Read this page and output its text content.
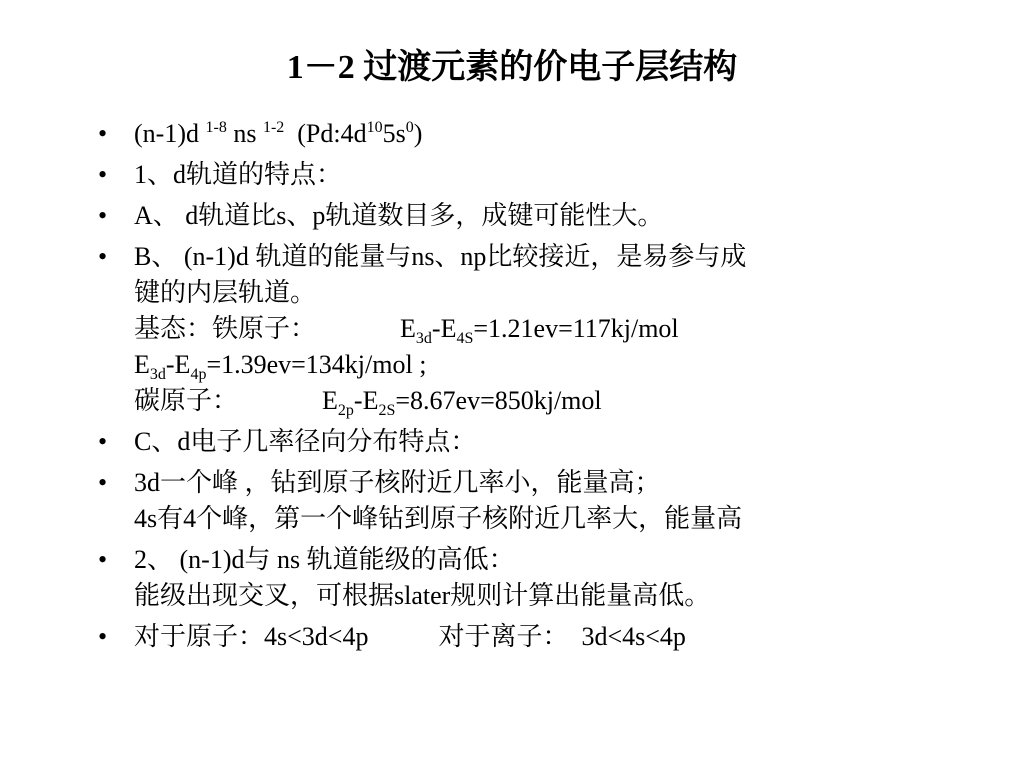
1－2 过渡元素的价电子层结构
•	(n-1)d $^{1-8}$ ns $^{1-2}$  $(Pd:4d^{10}5s^0)$
•	1、d轨道的特点：
•	A、 d轨道比s、p轨道数目多，成键可能性大。
•	B、 (n-1)d 轨道的能量与ns、np比较接近，是易参与成
键的内层轨道。
基态：铁原子：	$E_{3d}-E_{4S}=1.21ev=117kj$/mol
$E_{3d}-E_{4p}=1.39ev=134kj$/mol ;
碳原子：	$E_{2p}-E_{2S}=8.67ev=850kj$/mol
•	C、d电子几率径向分布特点：
•	3d一个峰 ，钻到原子核附近几率小，能量高；
4s有4个峰，第一个峰钻到原子核附近几率大，能量高
•	2、 (n-1)d与 ns 轨道能级的高低：
能级出现交叉，可根据slater规则计算出能量高低。
•	对于原子：4s<3d<4p	对于离子：  3d<4s<4p
